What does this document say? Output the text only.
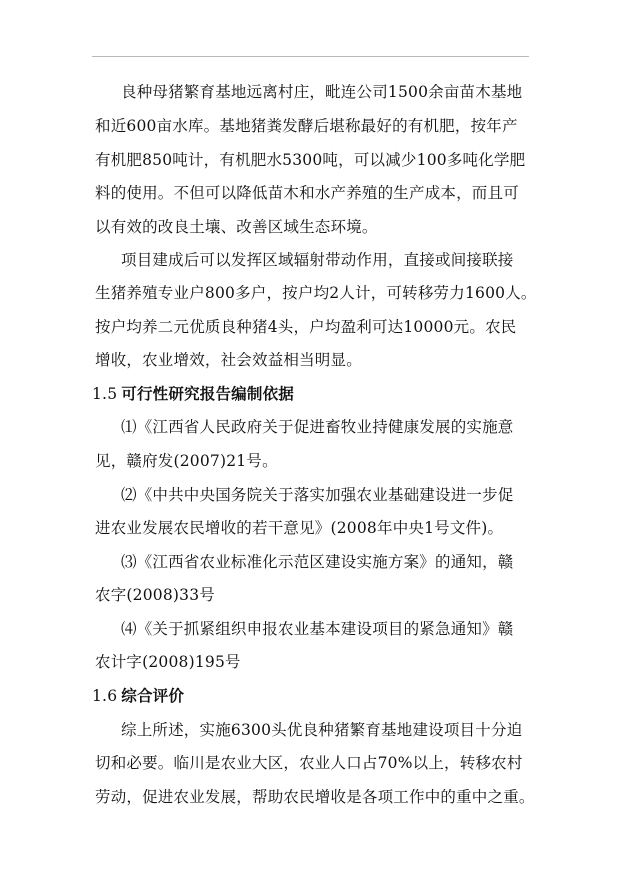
良种母猪繁育基地远离村庄，毗连公司1500余亩苗木基地
和近600亩水库。基地猪粪发酵后堪称最好的有机肥，按年产
有机肥850吨计，有机肥水5300吨，可以减少100多吨化学肥
料的使用。不但可以降低苗木和水产养殖的生产成本，而且可
以有效的改良土壤、改善区域生态环境。
项目建成后可以发挥区域辐射带动作用，直接或间接联接
生猪养殖专业户800多户，按户均2人计，可转移劳力1600人。
按户均养二元优质良种猪4头，户均盈利可达10000元。农民
增收，农业增效，社会效益相当明显。
1.5 可行性研究报告编制依据
⑴《江西省人民政府关于促进畜牧业持健康发展的实施意
见，赣府发(2007)21号。
⑵《中共中央国务院关于落实加强农业基础建设进一步促
进农业发展农民增收的若干意见》(2008年中央1号文件)。
⑶《江西省农业标准化示范区建设实施方案》的通知，赣
农字(2008)33号
⑷《关于抓紧组织申报农业基本建设项目的紧急通知》赣
农计字(2008)195号
1.6 综合评价
综上所述，实施6300头优良种猪繁育基地建设项目十分迫
切和必要。临川是农业大区，农业人口占70%以上，转移农村
劳动，促进农业发展，帮助农民增收是各项工作中的重中之重。
